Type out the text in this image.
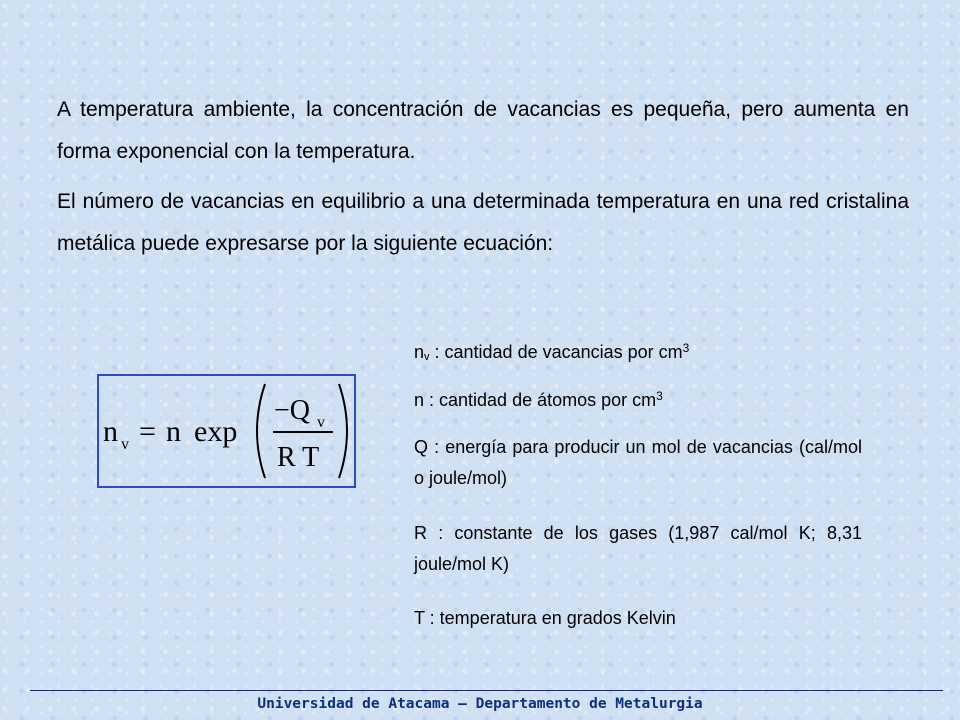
A temperatura ambiente, la concentración de vacancias es pequeña, pero aumenta en forma exponencial con la temperatura.

El número de vacancias en equilibrio a una determinada temperatura en una red cristalina metálica puede expresarse por la siguiente ecuación:

n v = n exp
−Q v
R T

$n_v$ : cantidad de vacancias por $cm^3$

n : cantidad de átomos por $cm^3$

Q : energía para producir un mol de vacancias (cal/mol o joule/mol)

R : constante de los gases (1,987 cal/mol K; 8,31 joule/mol K)

T : temperatura en grados Kelvin

Universidad de Atacama – Departamento de Metalurgia
